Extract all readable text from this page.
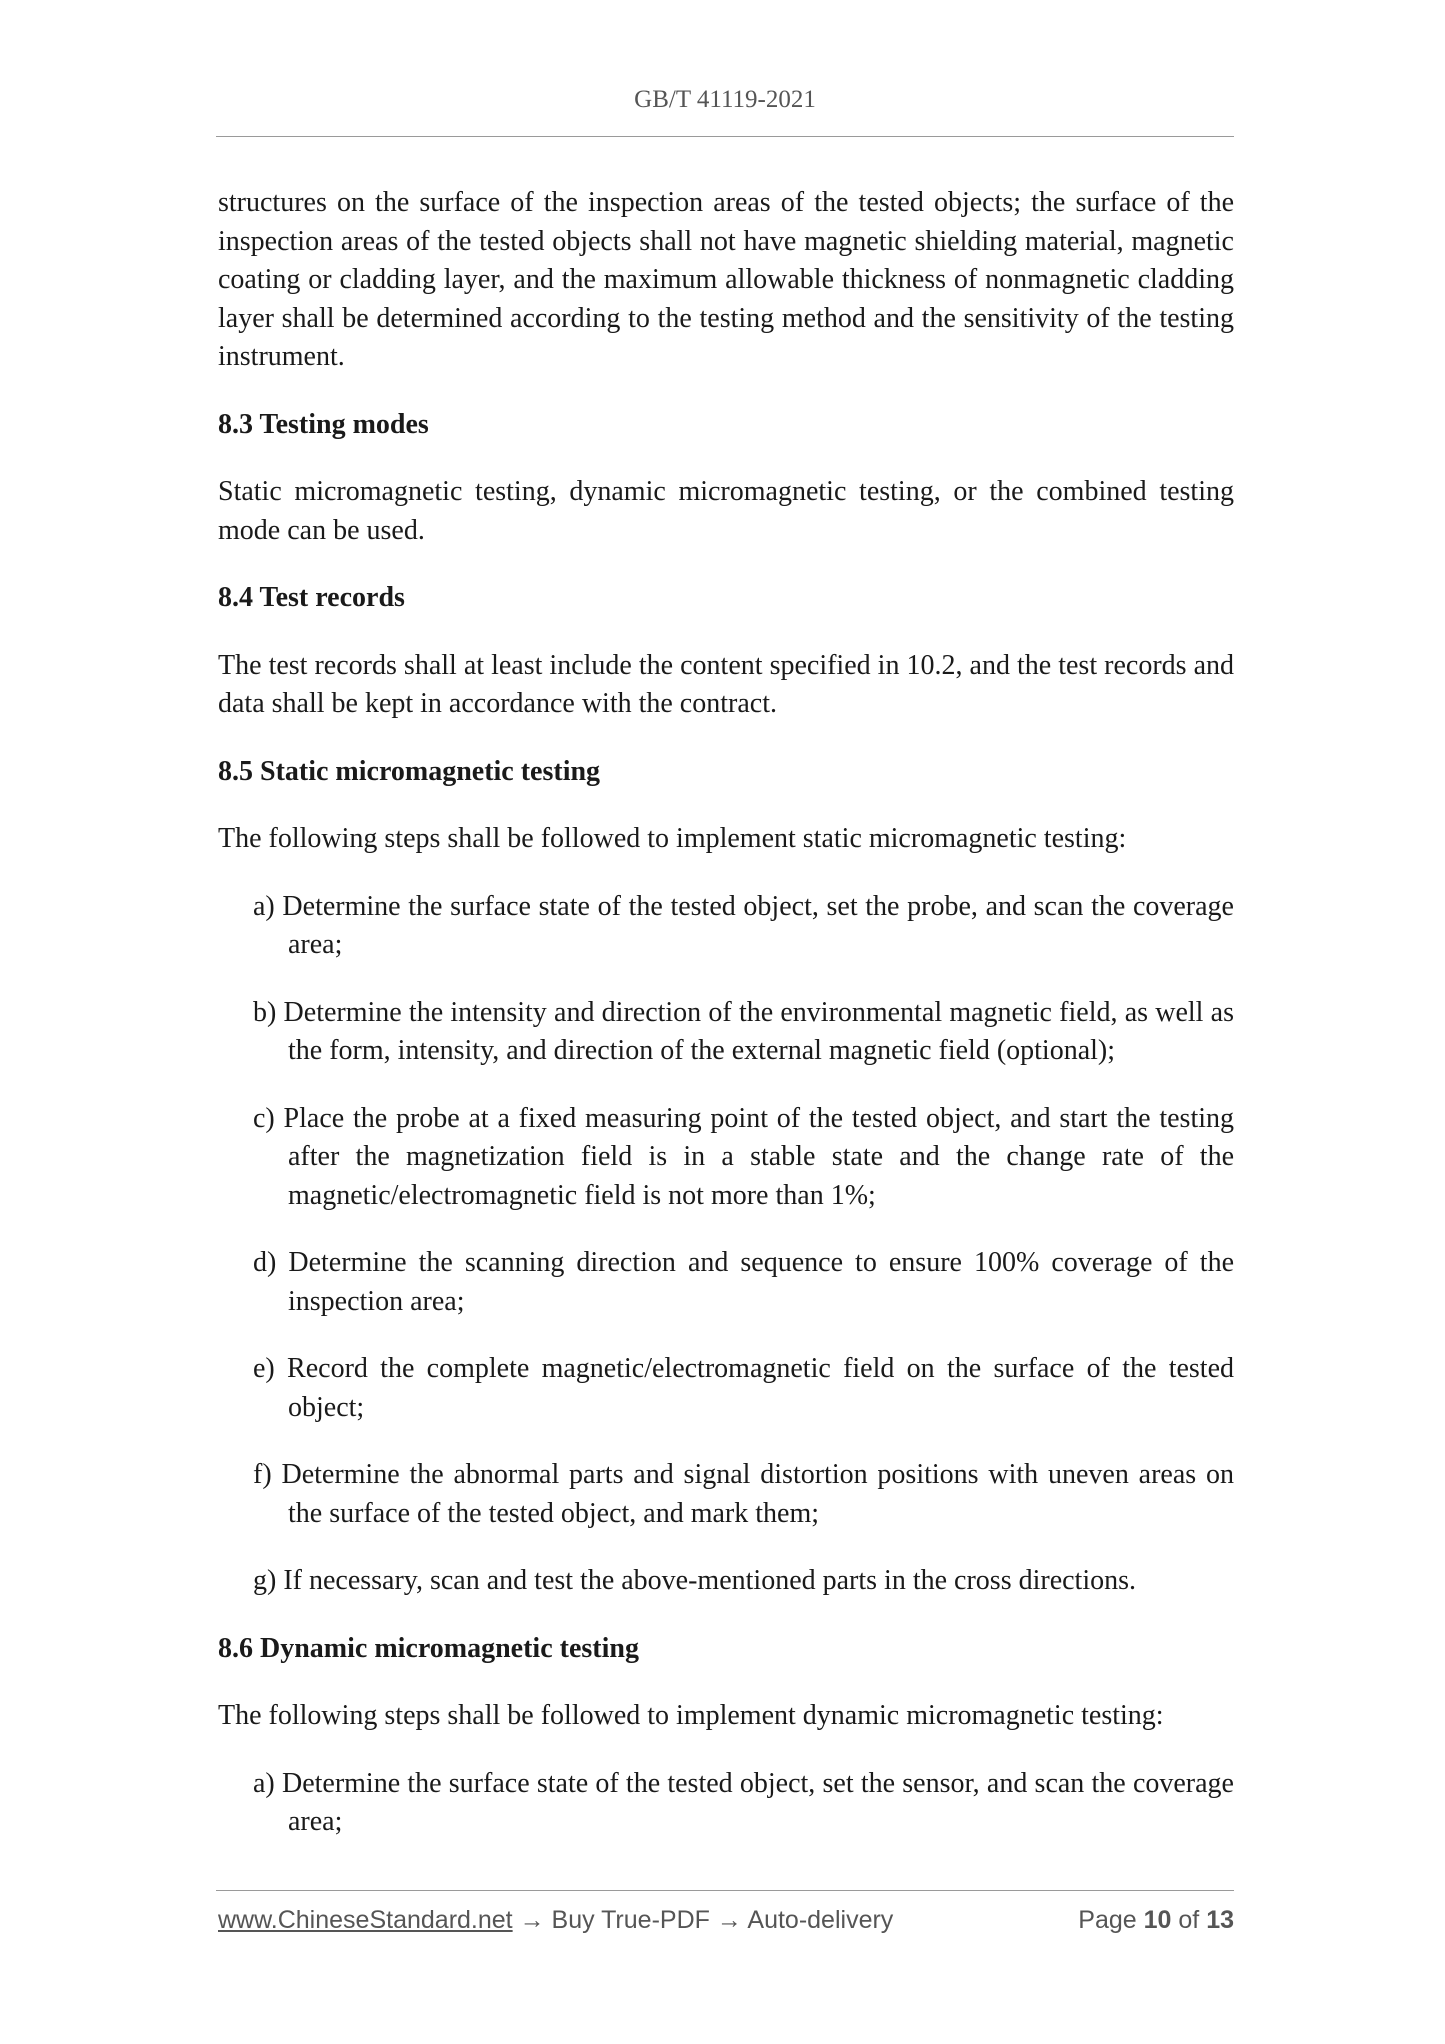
GB/T 41119-2021

structures on the surface of the inspection areas of the tested objects; the surface of the inspection areas of the tested objects shall not have magnetic shielding material, magnetic coating or cladding layer, and the maximum allowable thickness of nonmagnetic cladding layer shall be determined according to the testing method and the sensitivity of the testing instrument.

8.3 Testing modes

Static micromagnetic testing, dynamic micromagnetic testing, or the combined testing mode can be used.

8.4 Test records

The test records shall at least include the content specified in 10.2, and the test records and data shall be kept in accordance with the contract.

8.5 Static micromagnetic testing

The following steps shall be followed to implement static micromagnetic testing:

a) Determine the surface state of the tested object, set the probe, and scan the coverage area;

b) Determine the intensity and direction of the environmental magnetic field, as well as the form, intensity, and direction of the external magnetic field (optional);

c) Place the probe at a fixed measuring point of the tested object, and start the testing after the magnetization field is in a stable state and the change rate of the magnetic/electromagnetic field is not more than 1%;

d) Determine the scanning direction and sequence to ensure 100% coverage of the inspection area;

e) Record the complete magnetic/electromagnetic field on the surface of the tested object;

f) Determine the abnormal parts and signal distortion positions with uneven areas on the surface of the tested object, and mark them;

g) If necessary, scan and test the above-mentioned parts in the cross directions.

8.6 Dynamic micromagnetic testing

The following steps shall be followed to implement dynamic micromagnetic testing:

a) Determine the surface state of the tested object, set the sensor, and scan the coverage area;

www.ChineseStandard.net → Buy True-PDF → Auto-delivery	Page 10 of 13
